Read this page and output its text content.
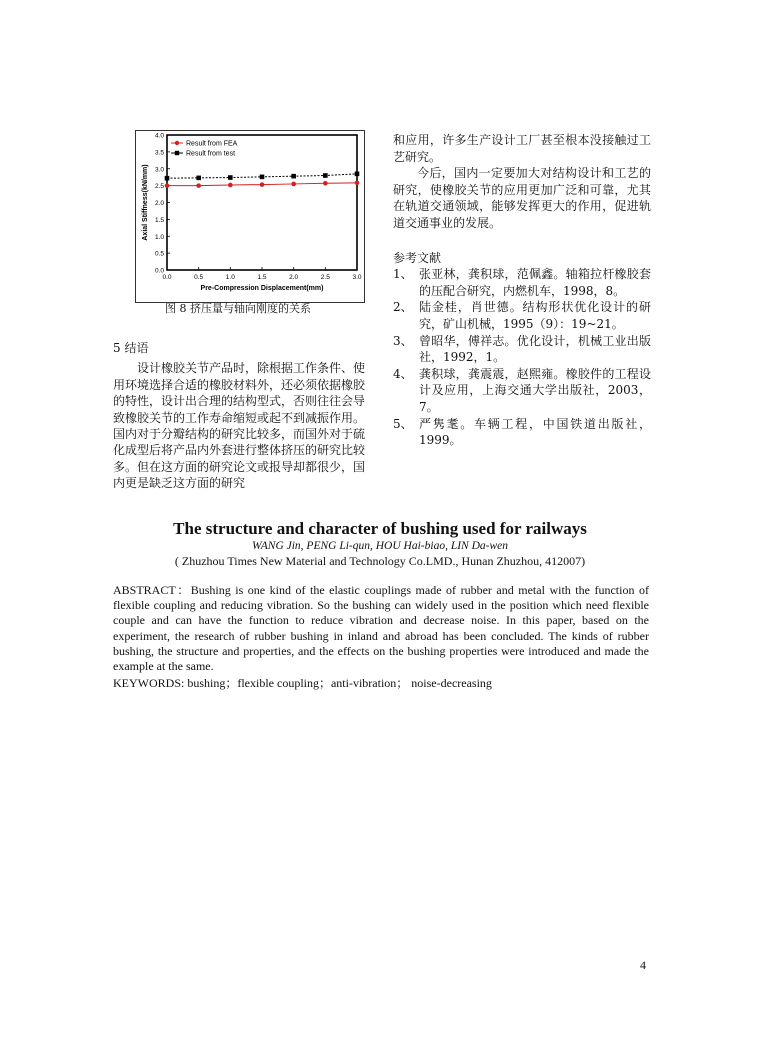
0.0
0.5
1.0
1.5
2.0
2.5
3.0
3.5
4.0
0.0	0.5	1.0	1.5	2.0	2.5	3.0
Pre-Compression Displacement(mm)
Axial Stiffness(kN/mm)
Result from FEA
Result from test
图 8 挤压量与轴向刚度的关系
5 结语

设计橡胶关节产品时，除根据工作条件、使用环境选择合适的橡胶材料外，还必须依据橡胶的特性，设计出合理的结构型式，否则往往会导致橡胶关节的工作寿命缩短或起不到减振作用。国内对于分瓣结构的研究比较多，而国外对于硫化成型后将产品内外套进行整体挤压的研究比较多。但在这方面的研究论文或报导却都很少，国内更是缺乏这方面的研究

和应用，许多生产设计工厂甚至根本没接触过工艺研究。

今后，国内一定要加大对结构设计和工艺的研究，使橡胶关节的应用更加广泛和可靠，尤其在轨道交通领域，能够发挥更大的作用，促进轨道交通事业的发展。

参考文献

1、 张亚林，龚积球，范佩鑫。轴箱拉杆橡胶套的压配合研究，内燃机车，1998，8。
2、 陆金桂，肖世德。结构形状优化设计的研究，矿山机械，1995（9）：19~21。
3、 曾昭华，傅祥志。优化设计，机械工业出版社，1992，1。
4、 龚积球，龚震震，赵熙雍。橡胶件的工程设计及应用，上海交通大学出版社，2003，7。
5、 严隽耄。车辆工程，中国铁道出版社，1999。
The structure and character of bushing used for railways
WANG Jin, PENG Li-qun, HOU Hai-biao, LIN Da-wen
( Zhuzhou Times New Material and Technology Co.LMD., Hunan Zhuzhou, 412007)

ABSTRACT：Bushing is one kind of the elastic couplings made of rubber and metal with the function of flexible coupling and reducing vibration. So the bushing can widely used in the position which need flexible couple and can have the function to reduce vibration and decrease noise. In this paper, based on the experiment, the research of rubber bushing in inland and abroad has been concluded. The kinds of rubber bushing, the structure and properties, and the effects on the bushing properties were introduced and made the example at the same.

KEYWORDS: bushing；flexible coupling；anti-vibration； noise-decreasing

4
